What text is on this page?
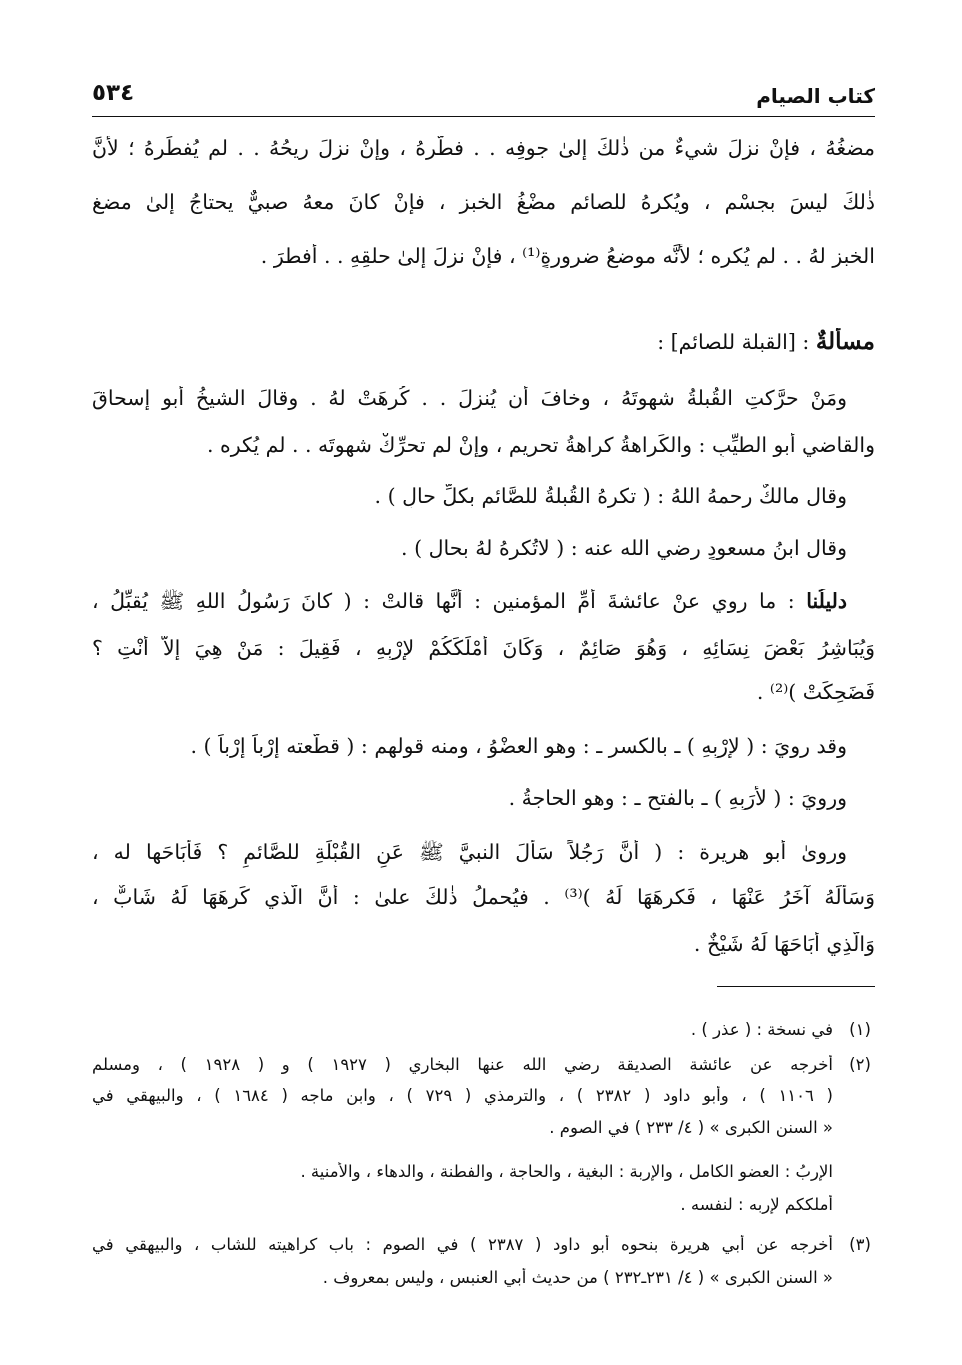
كتاب الصيام
٥٣٤
مضغُهُ ، فإنْ نزلَ شيءٌ من ذٰلكَ إلىٰ جوفِه . . فطَّرهُ ، وإنْ نزلَ ريحُهُ . . لم يُفطِّرهُ ؛ لأنَّ
ذٰلكَ ليسَ بجسْمٍ ، ويُكرهُ للصائمِ مضْغُ الخبزِ ، فإنْ كانَ معهُ صبيٌّ يحتاجُ إلىٰ مضغِ
الخبزِ لهُ . . لم يُكره ؛ لأنَّه موضعُ ضرورةٍ⁽¹⁾ ، فإنْ نزلَ إلىٰ حلقِهِ . . أفطرَ .
مسألةٌ : [القبلة للصائم] :
ومَنْ حرَّكتِ القُبلةُ شهوتَهُ ، وخافَ أن يُنزلَ . . كُرهَتْ لهُ . وقالَ الشيخُ أبو إسحاقَ
والقاضي أبو الطيِّبِ : والكَراهةُ كراهةُ تحريمٍ ، وإنْ لم تحرِّكْ شهوتَه . . لم يُكره .
وقال مالكٌ رحمهُ اللهُ : ( تكرهُ القُبلةُ للصَّائمِ بكلِّ حالٍ ) .
وقال ابنُ مسعودٍ رضي الله عنه : ( لاتُكرهُ لهُ بحالٍ ) .
دليلُنا : ما روي عنْ عائشةَ أمِّ المؤمنين : أنَّها قالتْ : ( كانَ رَسُولُ اللهِ ﷺ يُقبِّلُ ،
وَيُبَاشِرُ بَعْضَ نِسَائِهِ ، وَهُوَ صَائِمٌ ، وَكَانَ أَمْلَكَكُمْ لإِرْبِهِ ، فَقِيلَ : مَنْ هِيَ إِلاَّ أَنْتِ ؟
فَضَحِكَتْ )⁽²⁾ .
وقد رويَ : ( لإِرْبِهِ ) ـ بالكسر ـ : وهو العضْوُ ، ومنه قولهم : ( قطَّعته إِرْباً إِرْباً ) .
ورويَ : ( لأَرَبِهِ ) ـ بالفتح ـ : وهو الحاجةُ .
وروىٰ أبو هريرة : ( أَنَّ رَجُلاً سَأَلَ النبيَّ ﷺ عَنِ القُبْلَةِ للصَّائمِ ؟ فَأَبَاحَها له ،
وَسَأَلَهُ آخَرُ عَنْهَا ، فَكرِهَهَا لَهُ )⁽³⁾ . فيُحملُ ذٰلكَ علىٰ : أَنَّ الَّذي كَرِهَهَا لَهُ شَابٌّ ،
وَالَّذِي أَبَاحَهَا لَهُ شَيْخٌ .
(١)
في نسخة : ( عذر ) .
(٢)
أخرجه عن عائشة الصديقة رضي الله عنها البخاري ( ١٩٢٧ ) و ( ١٩٢٨ ) ، ومسلم
( ١١٠٦ ) ، وأبو داود ( ٢٣٨٢ ) ، والترمذي ( ٧٢٩ ) ، وابن ماجه ( ١٦٨٤ ) ، والبيهقي في
« السنن الكبرى » ( ٤/ ٢٣٣ ) في الصوم .
الإربُ : العضو الكامل ، والإربة : البغية ، والحاجة ، والفطنة ، والدهاء ، والأُمنية .
أملككم لإربه : لنفسه .
(٣)
أخرجه عن أبي هريرة بنحوه أبو داود ( ٢٣٨٧ ) في الصوم : باب كراهيته للشاب ، والبيهقي في
« السنن الكبرى » ( ٤/ ٢٣١ـ٢٣٢ ) من حديث أبي العنبس ، وليس بمعروف .
